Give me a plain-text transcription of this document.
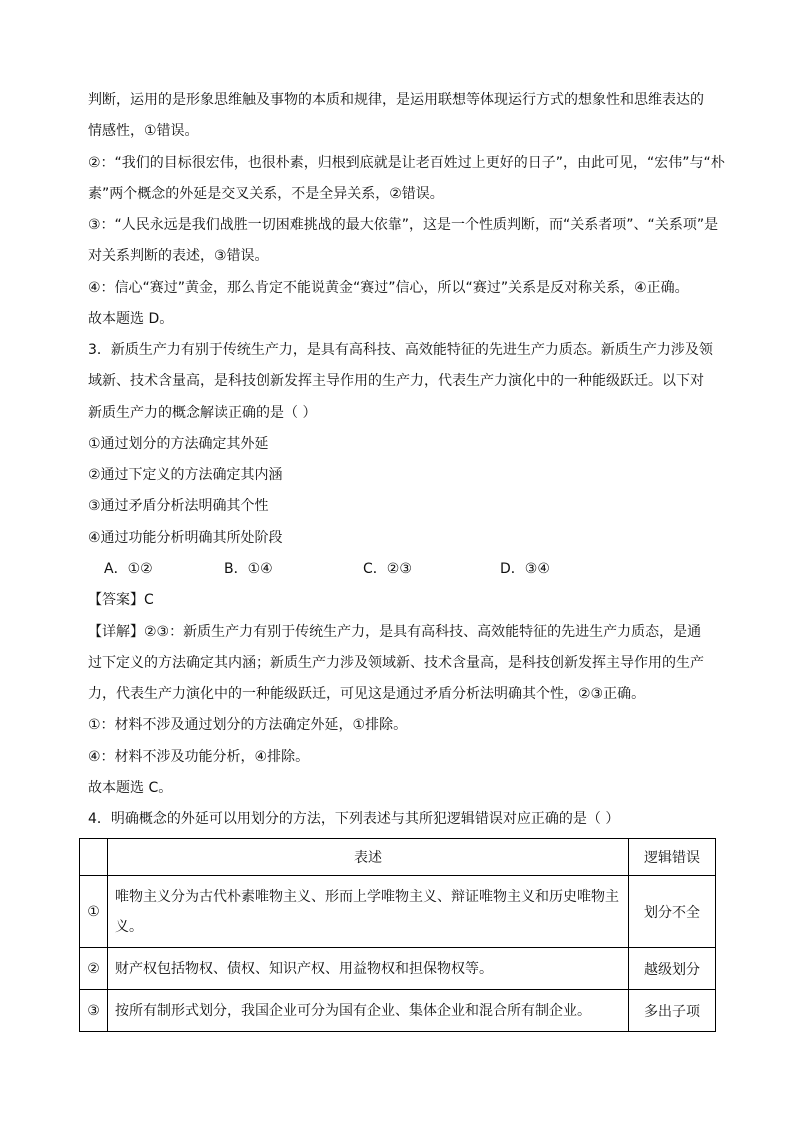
判断，运用的是形象思维触及事物的本质和规律，是运用联想等体现运行方式的想象性和思维表达的
情感性，①错误。
②：“我们的目标很宏伟，也很朴素，归根到底就是让老百姓过上更好的日子”，由此可见，“宏伟”与“朴
素”两个概念的外延是交叉关系，不是全异关系，②错误。
③：“人民永远是我们战胜一切困难挑战的最大依靠”，这是一个性质判断，而“关系者项”、“关系项”是
对关系判断的表述，③错误。
④：信心“赛过”黄金，那么肯定不能说黄金“赛过”信心，所以“赛过”关系是反对称关系，④正确。
故本题选 D。
3．新质生产力有别于传统生产力，是具有高科技、高效能特征的先进生产力质态。新质生产力涉及领
域新、技术含量高，是科技创新发挥主导作用的生产力，代表生产力演化中的一种能级跃迁。以下对
新质生产力的概念解读正确的是（ ）
①通过划分的方法确定其外延
②通过下定义的方法确定其内涵
③通过矛盾分析法明确其个性
④通过功能分析明确其所处阶段
A．①②	B．①④	C．②③	D．③④
【答案】C
【详解】②③：新质生产力有别于传统生产力，是具有高科技、高效能特征的先进生产力质态，是通
过下定义的方法确定其内涵；新质生产力涉及领域新、技术含量高，是科技创新发挥主导作用的生产
力，代表生产力演化中的一种能级跃迁，可见这是通过矛盾分析法明确其个性，②③正确。
①：材料不涉及通过划分的方法确定外延，①排除。
④：材料不涉及功能分析，④排除。
故本题选 C。
4．明确概念的外延可以用划分的方法，下列表述与其所犯逻辑错误对应正确的是（ ）
	表述	逻辑错误
①	唯物主义分为古代朴素唯物主义、形而上学唯物主义、辩证唯物主义和历史唯物主
义。	划分不全
②	财产权包括物权、债权、知识产权、用益物权和担保物权等。	越级划分
③	按所有制形式划分，我国企业可分为国有企业、集体企业和混合所有制企业。	多出子项
